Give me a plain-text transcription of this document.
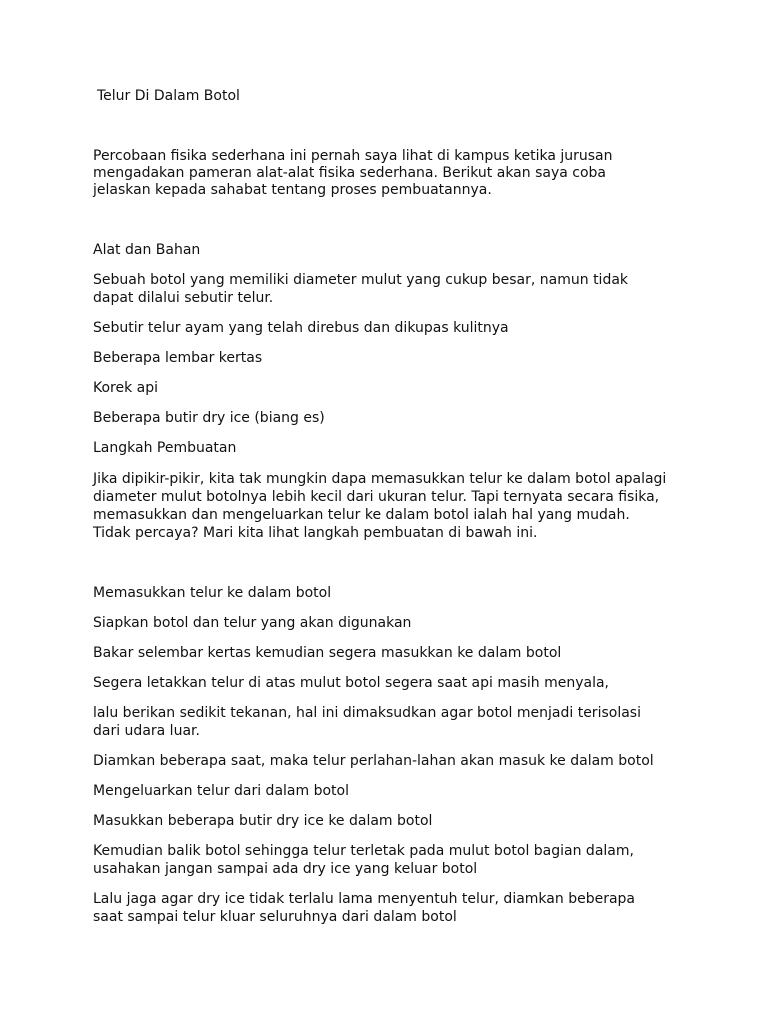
Telur Di Dalam Botol
Percobaan fisika sederhana ini pernah saya lihat di kampus ketika jurusan
mengadakan pameran alat-alat fisika sederhana. Berikut akan saya coba
jelaskan kepada sahabat tentang proses pembuatannya.
Alat dan Bahan
Sebuah botol yang memiliki diameter mulut yang cukup besar, namun tidak
dapat dilalui sebutir telur.
Sebutir telur ayam yang telah direbus dan dikupas kulitnya
Beberapa lembar kertas
Korek api
Beberapa butir dry ice (biang es)
Langkah Pembuatan
Jika dipikir-pikir, kita tak mungkin dapa memasukkan telur ke dalam botol apalagi
diameter mulut botolnya lebih kecil dari ukuran telur. Tapi ternyata secara fisika,
memasukkan dan mengeluarkan telur ke dalam botol ialah hal yang mudah.
Tidak percaya? Mari kita lihat langkah pembuatan di bawah ini.
Memasukkan telur ke dalam botol
Siapkan botol dan telur yang akan digunakan
Bakar selembar kertas kemudian segera masukkan ke dalam botol
Segera letakkan telur di atas mulut botol segera saat api masih menyala,
lalu berikan sedikit tekanan, hal ini dimaksudkan agar botol menjadi terisolasi
dari udara luar.
Diamkan beberapa saat, maka telur perlahan-lahan akan masuk ke dalam botol
Mengeluarkan telur dari dalam botol
Masukkan beberapa butir dry ice ke dalam botol
Kemudian balik botol sehingga telur terletak pada mulut botol bagian dalam,
usahakan jangan sampai ada dry ice yang keluar botol
Lalu jaga agar dry ice tidak terlalu lama menyentuh telur, diamkan beberapa
saat sampai telur kluar seluruhnya dari dalam botol
